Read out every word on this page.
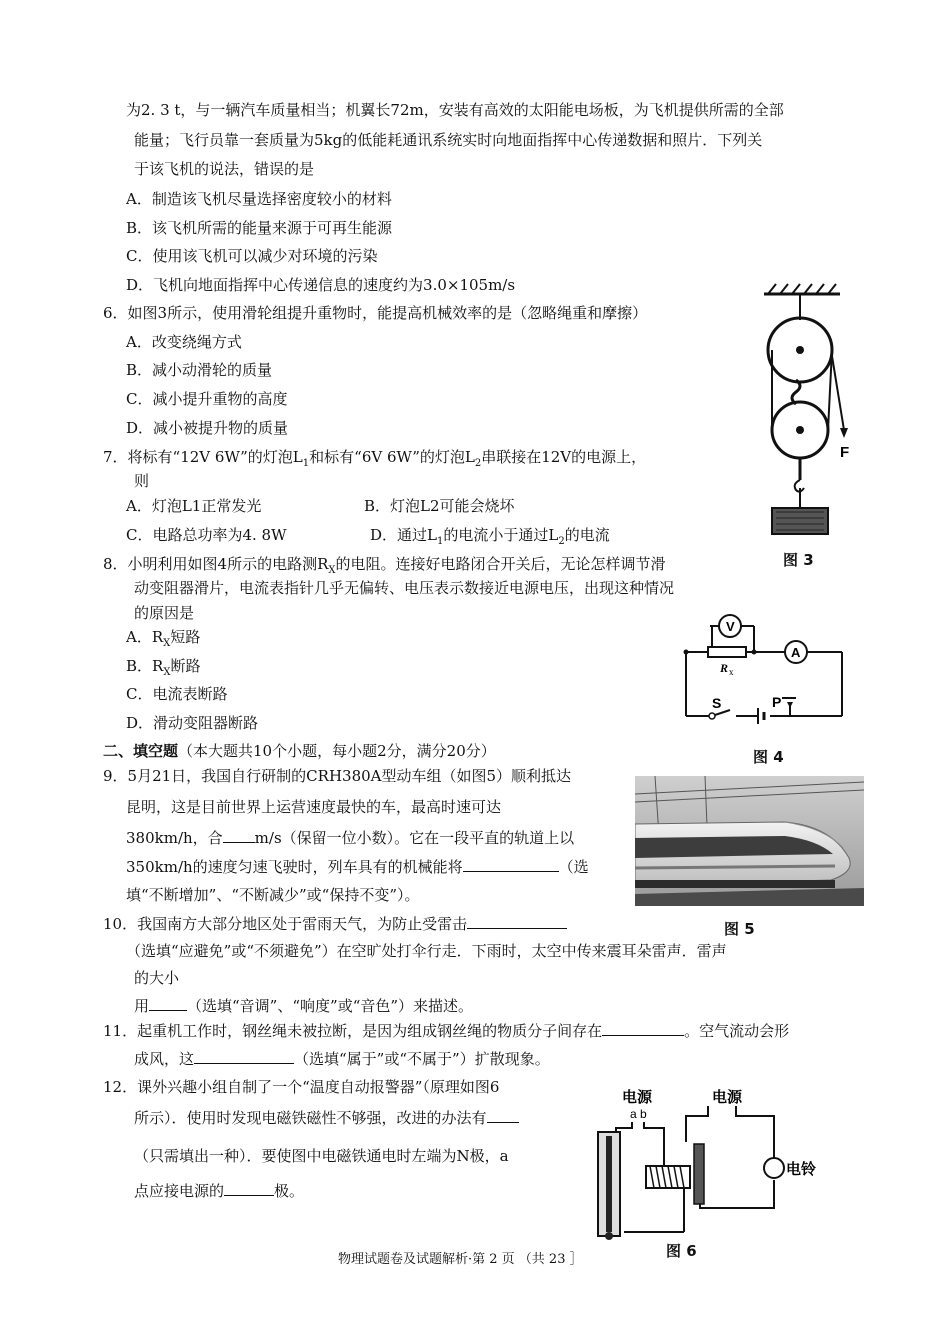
为2. 3 t，与一辆汽车质量相当；机翼长72m，安装有高效的太阳能电场板，为飞机提供所需的全部
能量；飞行员靠一套质量为5kg的低能耗通讯系统实时向地面指挥中心传递数据和照片．下列关
于该飞机的说法，错误的是
A．制造该飞机尽量选择密度较小的材料
B．该飞机所需的能量来源于可再生能源
C．使用该飞机可以减少对环境的污染
D．飞机向地面指挥中心传递信息的速度约为3.0×105m/s
6．如图3所示，使用滑轮组提升重物时，能提高机械效率的是（忽略绳重和摩擦）
A．改变绕绳方式
B．减小动滑轮的质量
C．减小提升重物的高度
D．减小被提升物的质量
7．将标有“12V 6W”的灯泡$L_1$和标有“6V 6W”的灯泡$L_2$串联接在12V的电源上，
则
A．灯泡L1正常发光	B．灯泡L2可能会烧坏
C．电路总功率为4. 8W	D．通过$L_1$的电流小于通过$L_2$的电流
8．小明利用如图4所示的电路测$R_X$的电阻。连接好电路闭合开关后，无论怎样调节滑
动变阻器滑片，电流表指针几乎无偏转、电压表示数接近电源电压，出现这种情况
的原因是
A．$R_X$短路
B．$R_X$断路
C．电流表断路
D．滑动变阻器断路
二、填空题（本大题共10个小题，每小题2分，满分20分）
9．5月21日，我国自行研制的CRH380A型动车组（如图5）顺利抵达
昆明，这是目前世界上运营速度最快的车，最高时速可达
380km/h，合 m/s（保留一位小数）。它在一段平直的轨道上以
350km/h的速度匀速飞驶时，列车具有的机械能将	（选
填“不断增加”、“不断减少”或“保持不变”）。
10．我国南方大部分地区处于雷雨天气，为防止受雷击
（选填“应避免”或“不须避免”）在空旷处打伞行走．下雨时，太空中传来震耳朵雷声．雷声
的大小
用	（选填“音调”、“响度”或“音色”）来描述。
11．起重机工作时，钢丝绳未被拉断，是因为组成钢丝绳的物质分子间存在	。空气流动会形
成风，这	（选填“属于”或“不属于”）扩散现象。
12．课外兴趣小组自制了一个“温度自动报警器”（原理如图6
所示）．使用时发现电磁铁磁性不够强，改进的办法有
（只需填出一种）．要使图中电磁铁通电时左端为N极，a
点应接电源的	极。
F
图 3
V
A
R x
S	P
图 4
图 5
电源
a b
电源
电铃
图 6
物理试题卷及试题解析·第 2 页 （共 23 ］
